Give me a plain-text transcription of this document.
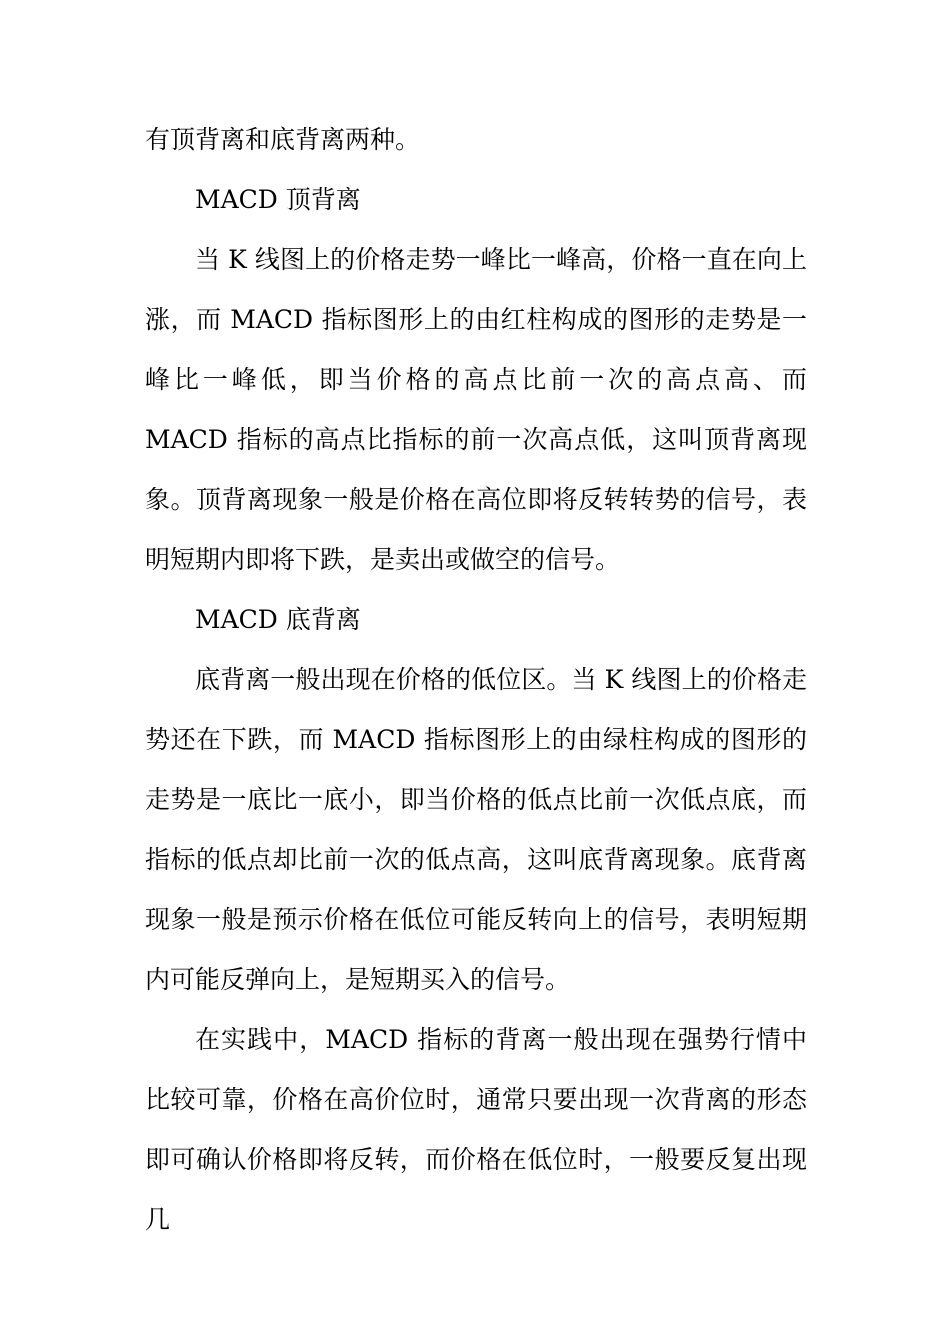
有顶背离和底背离两种。

MACD 顶背离

当 K 线图上的价格走势一峰比一峰高，价格一直在向上涨，而 MACD 指标图形上的由红柱构成的图形的走势是一峰比一峰低，即当价格的高点比前一次的高点高、而 MACD 指标的高点比指标的前一次高点低，这叫顶背离现象。顶背离现象一般是价格在高位即将反转转势的信号，表明短期内即将下跌，是卖出或做空的信号。

MACD 底背离

底背离一般出现在价格的低位区。当 K 线图上的价格走势还在下跌，而 MACD 指标图形上的由绿柱构成的图形的走势是一底比一底小，即当价格的低点比前一次低点底，而指标的低点却比前一次的低点高，这叫底背离现象。底背离现象一般是预示价格在低位可能反转向上的信号，表明短期内可能反弹向上，是短期买入的信号。

在实践中，MACD 指标的背离一般出现在强势行情中比较可靠，价格在高价位时，通常只要出现一次背离的形态即可确认价格即将反转，而价格在低位时，一般要反复出现几
